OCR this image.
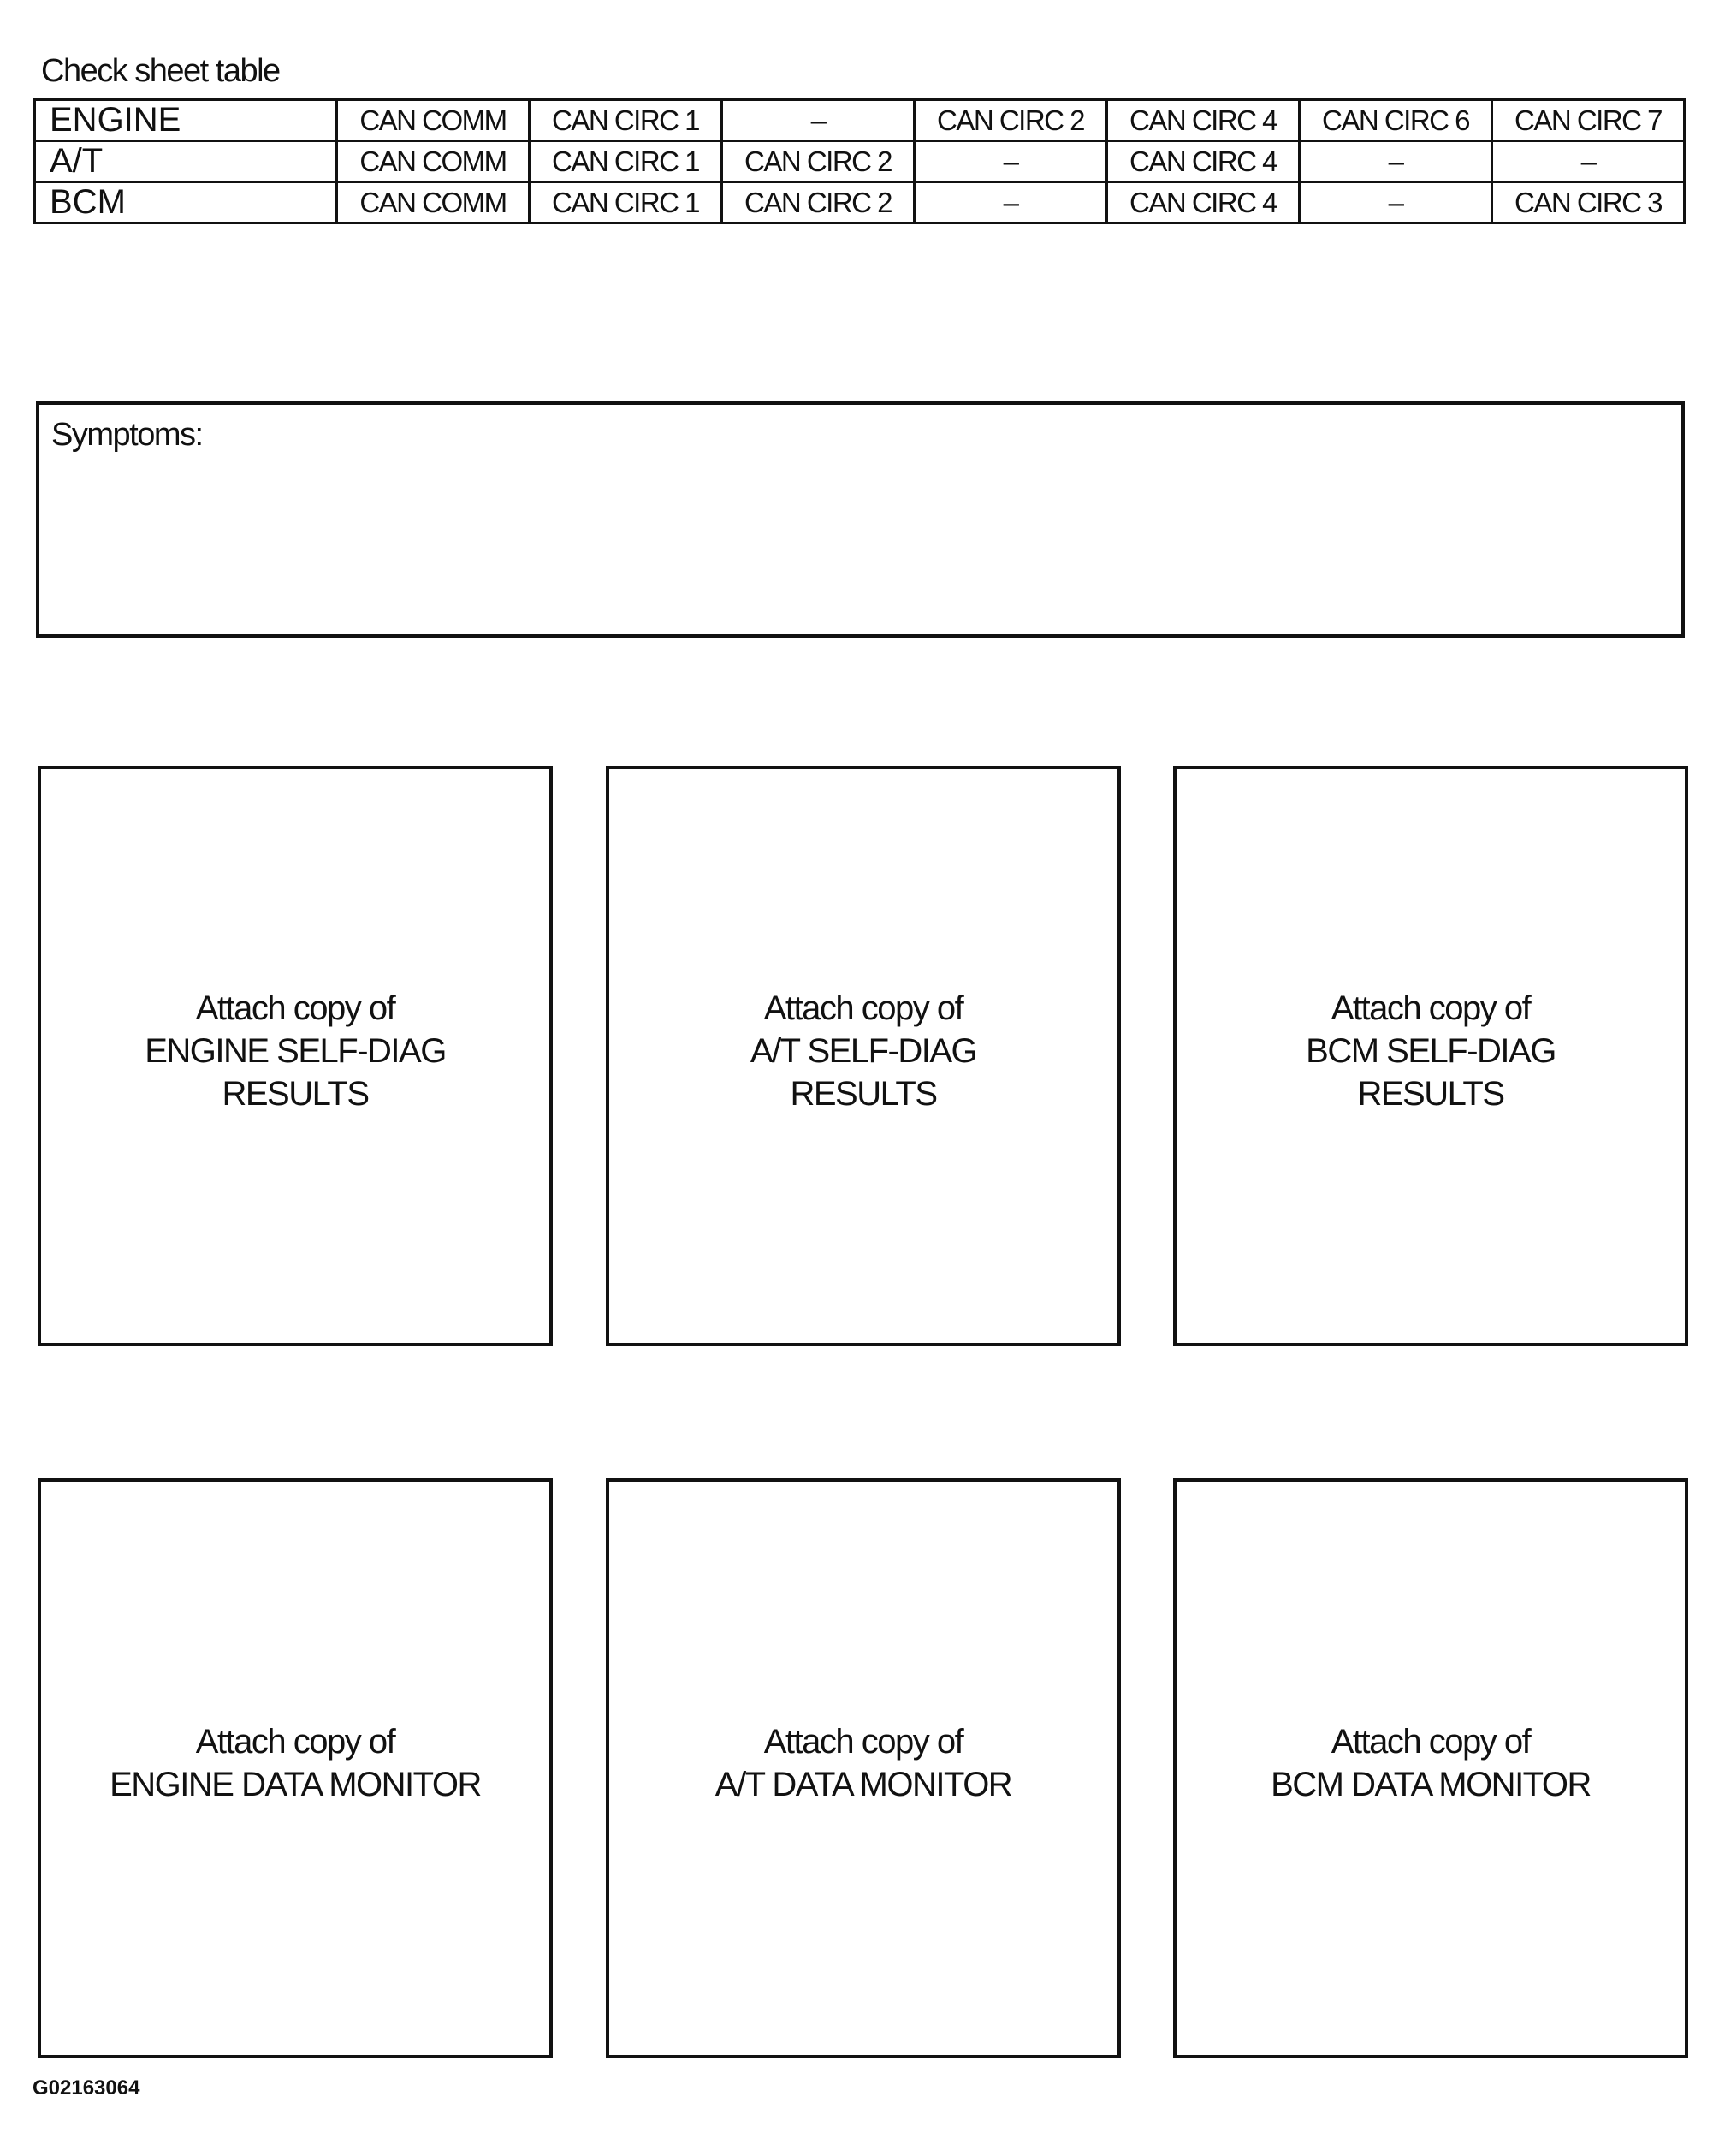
Check sheet table
ENGINE	CAN COMM	CAN CIRC 1	–	CAN CIRC 2	CAN CIRC 4	CAN CIRC 6	CAN CIRC 7
A/T	CAN COMM	CAN CIRC 1	CAN CIRC 2	–	CAN CIRC 4	–	–
BCM	CAN COMM	CAN CIRC 1	CAN CIRC 2	–	CAN CIRC 4	–	CAN CIRC 3
Symptoms:
Attach copy of
ENGINE SELF-DIAG
RESULTS
Attach copy of
A/T SELF-DIAG
RESULTS
Attach copy of
BCM SELF-DIAG
RESULTS
Attach copy of
ENGINE DATA MONITOR
Attach copy of
A/T DATA MONITOR
Attach copy of
BCM DATA MONITOR
G02163064
